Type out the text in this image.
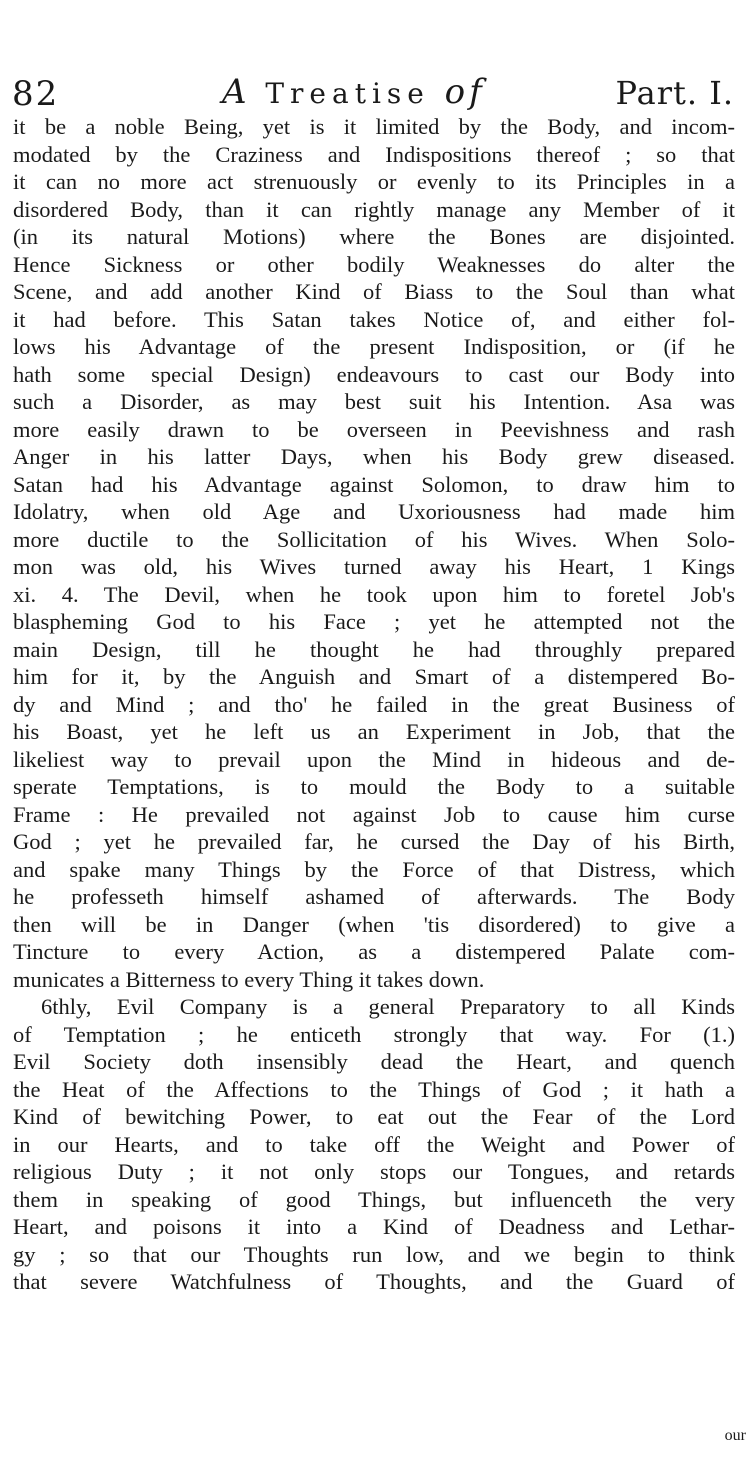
82	A Treatise of	Part. I.
it be a noble Being, yet is it limited by the Body, and incom-
modated by the Craziness and Indispositions thereof ; so that
it can no more act strenuously or evenly to its Principles in a
disordered Body, than it can rightly manage any Member of it
(in its natural Motions) where the Bones are disjointed.
Hence Sickness or other bodily Weaknesses do alter the
Scene, and add another Kind of Biass to the Soul than what
it had before. This Satan takes Notice of, and either fol-
lows his Advantage of the present Indisposition, or (if he
hath some special Design) endeavours to cast our Body into
such a Disorder, as may best suit his Intention. Asa was
more easily drawn to be overseen in Peevishness and rash
Anger in his latter Days, when his Body grew diseased.
Satan had his Advantage against Solomon, to draw him to
Idolatry, when old Age and Uxoriousness had made him
more ductile to the Sollicitation of his Wives. When Solo-
mon was old, his Wives turned away his Heart, 1 Kings
xi. 4. The Devil, when he took upon him to foretel Job's
blaspheming God to his Face ; yet he attempted not the
main Design, till he thought he had throughly prepared
him for it, by the Anguish and Smart of a distempered Bo-
dy and Mind ; and tho' he failed in the great Business of
his Boast, yet he left us an Experiment in Job, that the
likeliest way to prevail upon the Mind in hideous and de-
sperate Temptations, is to mould the Body to a suitable
Frame : He prevailed not against Job to cause him curse
God ; yet he prevailed far, he cursed the Day of his Birth,
and spake many Things by the Force of that Distress, which
he professeth himself ashamed of afterwards. The Body
then will be in Danger (when 'tis disordered) to give a
Tincture to every Action, as a distempered Palate com-
municates a Bitterness to every Thing it takes down.
6thly, Evil Company is a general Preparatory to all Kinds
of Temptation ; he enticeth strongly that way. For (1.)
Evil Society doth insensibly dead the Heart, and quench
the Heat of the Affections to the Things of God ; it hath a
Kind of bewitching Power, to eat out the Fear of the Lord
in our Hearts, and to take off the Weight and Power of
religious Duty ; it not only stops our Tongues, and retards
them in speaking of good Things, but influenceth the very
Heart, and poisons it into a Kind of Deadness and Lethar-
gy ; so that our Thoughts run low, and we begin to think
that severe Watchfulness of Thoughts, and the Guard of
our
